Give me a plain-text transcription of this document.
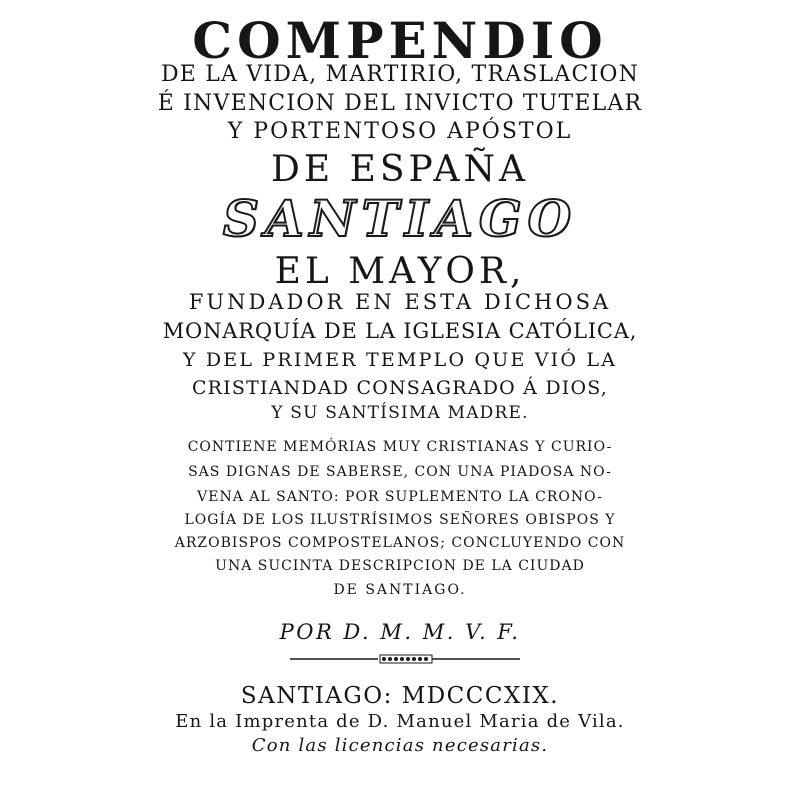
COMPENDIO

DE LA VIDA, MARTIRIO, TRASLACION

É INVENCION DEL INVICTO TUTELAR

Y PORTENTOSO APÓSTOL

DE ESPAÑA

SANTIAGO

EL MAYOR,

FUNDADOR EN ESTA DICHOSA

MONARQUÍA DE LA IGLESIA CATÓLICA,

Y DEL PRIMER TEMPLO QUE VIÓ LA

CRISTIANDAD CONSAGRADO Á DIOS,

Y SU SANTÍSIMA MADRE.

CONTIENE MEMÓRIAS MUY CRISTIANAS Y CURIO-

SAS DIGNAS DE SABERSE, CON UNA PIADOSA NO-

VENA AL SANTO: POR SUPLEMENTO LA CRONO-

LOGÍA DE LOS ILUSTRÍSIMOS SEÑORES OBISPOS Y

ARZOBISPOS COMPOSTELANOS; CONCLUYENDO CON

UNA SUCINTA DESCRIPCION DE LA CIUDAD

DE SANTIAGO.

POR D. M. M. V. F.

SANTIAGO: MDCCCXIX.

En la Imprenta de D. Manuel Maria de Vila.

Con las licencias necesarias.
